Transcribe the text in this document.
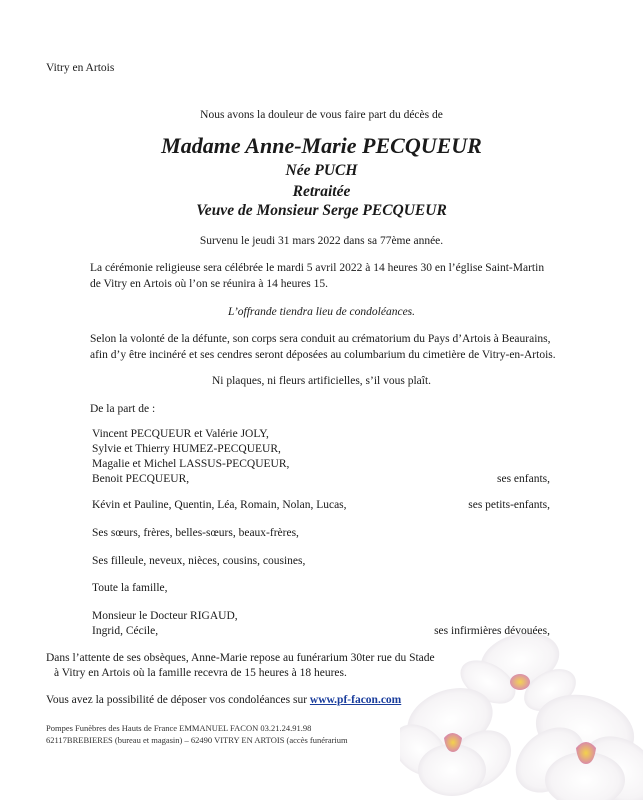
Vitry en Artois
Nous avons la douleur de vous faire part du décès de
Madame Anne-Marie PECQUEUR
Née PUCH
Retraitée
Veuve de Monsieur Serge PECQUEUR
Survenu le jeudi 31 mars 2022 dans sa 77ème année.
La cérémonie religieuse sera célébrée le mardi 5 avril 2022 à 14 heures 30 en l’église Saint-Martin
de Vitry en Artois où l’on se réunira à 14 heures 15.
L’offrande tiendra lieu de condoléances.
Selon la volonté de la défunte, son corps sera conduit au crématorium du Pays d’Artois à Beaurains,
afin d’y être incinéré et ses cendres seront déposées au columbarium du cimetière de Vitry-en-Artois.
Ni plaques, ni fleurs artificielles, s’il vous plaît.
De la part de :
Vincent PECQUEUR et Valérie JOLY,
Sylvie et Thierry HUMEZ-PECQUEUR,
Magalie et Michel LASSUS-PECQUEUR,
Benoit PECQUEUR,	ses enfants,
Kévin et Pauline, Quentin, Léa, Romain, Nolan, Lucas,	ses petits-enfants,
Ses sœurs, frères, belles-sœurs, beaux-frères,
Ses filleule, neveux, nièces, cousins, cousines,
Toute la famille,
Monsieur le Docteur RIGAUD,
Ingrid, Cécile,	ses infirmières dévouées,
Dans l’attente de ses obsèques, Anne-Marie repose au funérarium 30ter rue du Stade
à Vitry en Artois où la famille recevra de 15 heures à 18 heures.
Vous avez la possibilité de déposer vos condoléances sur www.pf-facon.com
Pompes Funèbres des Hauts de France EMMANUEL FACON 03.21.24.91.98
62117BREBIERES (bureau et magasin) – 62490 VITRY EN ARTOIS (accès funérarium
